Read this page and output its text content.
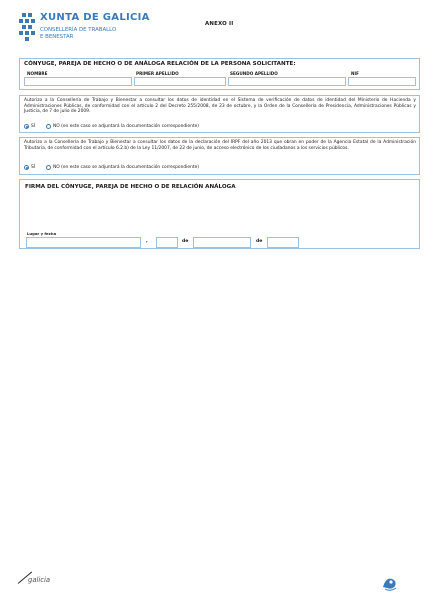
XUNTA DE GALICIA
CONSELLERÍA DE TRABALLO
E BENESTAR
ANEXO II
CÓNYUGE, PAREJA DE HECHO O DE ANÁLOGA RELACIÓN DE LA PERSONA SOLICITANTE:
NOMBRE	PRIMER APELLIDO	SEGUNDO APELLIDO	NIF
Autorizo a la Consellería de Trabajo y Bienestar a consultar los datos de identidad en el Sistema de verificación de datos de identidad del Ministerio de Hacienda y Administraciones Públicas, de conformidad con el artículo 2 del Decreto 255/2008, de 23 de octubre, y la Orden de la Consellería de Presidencia, Administraciones Públicas y Justicia, de 7 de julio de 2009.
SÍ	NO (en este caso se adjuntará la documentación correspondiente)
Autorizo a la Consellería de Trabajo y Bienestar a consultar los datos de la declaración del IRPF del año 2013 que obran en poder de la Agencia Estatal de la Administración Tributaria, de conformidad con el artículo 6.2.b) de la Ley 11/2007, de 22 de junio, de acceso electrónico de los ciudadanos a los servicios públicos.
SÍ	NO (en este caso se adjuntará la documentación correspondiente)
FIRMA DEL CÓNYUGE, PAREJA DE HECHO O DE RELACIÓN ANÁLOGA
Lugar y fecha
,	de	de
galicia
